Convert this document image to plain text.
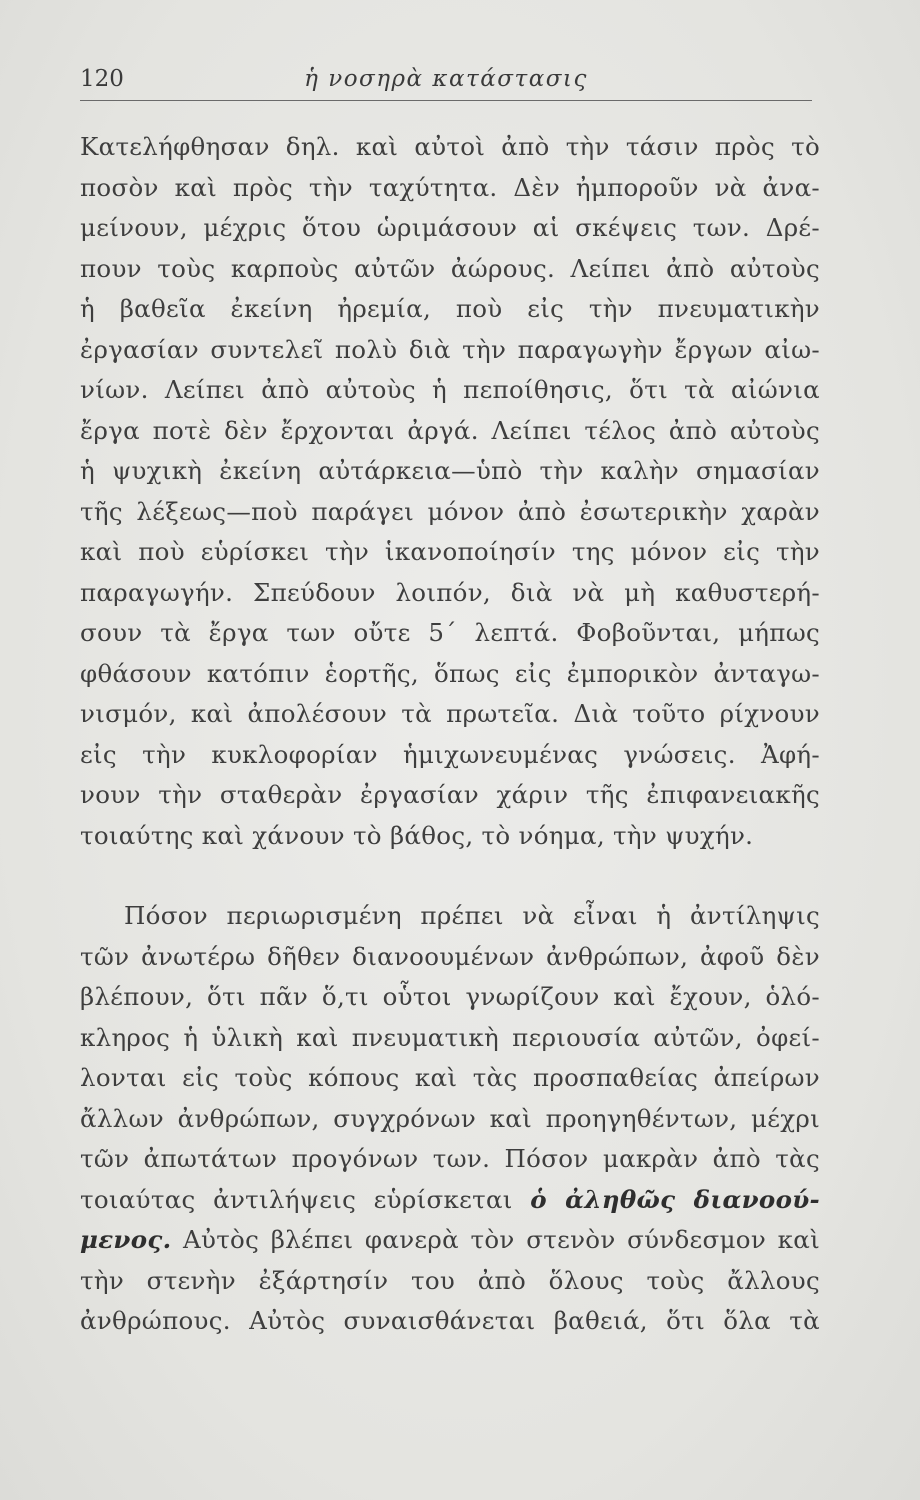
120	ἡ νοσηρὰ κατάστασις
Κατελήφθησαν δηλ. καὶ αὐτοὶ ἀπὸ τὴν τάσιν πρὸς τὸ
ποσὸν καὶ πρὸς τὴν ταχύτητα. Δὲν ἠμποροῦν νὰ ἀνα-
μείνουν, μέχρις ὅτου ὡριμάσουν αἱ σκέψεις των. Δρέ-
πουν τοὺς καρποὺς αὐτῶν ἀώρους. Λείπει ἀπὸ αὐτοὺς
ἡ βαθεῖα ἐκείνη ἠρεμία, ποὺ εἰς τὴν πνευματικὴν
ἐργασίαν συντελεῖ πολὺ διὰ τὴν παραγωγὴν ἔργων αἰω-
νίων. Λείπει ἀπὸ αὐτοὺς ἡ πεποίθησις, ὅτι τὰ αἰώνια
ἔργα ποτὲ δὲν ἔρχονται ἀργά. Λείπει τέλος ἀπὸ αὐτοὺς
ἡ ψυχικὴ ἐκείνη αὐτάρκεια—ὑπὸ τὴν καλὴν σημασίαν
τῆς λέξεως—ποὺ παράγει μόνον ἀπὸ ἐσωτερικὴν χαρὰν
καὶ ποὺ εὑρίσκει τὴν ἱκανοποίησίν της μόνον εἰς τὴν
παραγωγήν. Σπεύδουν λοιπόν, διὰ νὰ μὴ καθυστερή-
σουν τὰ ἔργα των οὔτε 5΄ λεπτά. Φοβοῦνται, μήπως
φθάσουν κατόπιν ἑορτῆς, ὅπως εἰς ἐμπορικὸν ἀνταγω-
νισμόν, καὶ ἀπολέσουν τὰ πρωτεῖα. Διὰ τοῦτο ρίχνουν
εἰς τὴν κυκλοφορίαν ἡμιχωνευμένας γνώσεις. Ἀφή-
νουν τὴν σταθερὰν ἐργασίαν χάριν τῆς ἐπιφανειακῆς
τοιαύτης καὶ χάνουν τὸ βάθος, τὸ νόημα, τὴν ψυχήν.
Πόσον περιωρισμένη πρέπει νὰ εἶναι ἡ ἀντίληψις
τῶν ἀνωτέρω δῆθεν διανοουμένων ἀνθρώπων, ἀφοῦ δὲν
βλέπουν, ὅτι πᾶν ὅ,τι οὗτοι γνωρίζουν καὶ ἔχουν, ὁλό-
κληρος ἡ ὑλικὴ καὶ πνευματικὴ περιουσία αὐτῶν, ὀφεί-
λονται εἰς τοὺς κόπους καὶ τὰς προσπαθείας ἀπείρων
ἄλλων ἀνθρώπων, συγχρόνων καὶ προηγηθέντων, μέχρι
τῶν ἀπωτάτων προγόνων των. Πόσον μακρὰν ἀπὸ τὰς
τοιαύτας ἀντιλήψεις εὑρίσκεται ὁ ἀληθῶς διανοού-
μενος. Αὐτὸς βλέπει φανερὰ τὸν στενὸν σύνδεσμον καὶ
τὴν στενὴν ἐξάρτησίν του ἀπὸ ὅλους τοὺς ἄλλους
ἀνθρώπους. Αὐτὸς συναισθάνεται βαθειά, ὅτι ὅλα τὰ
